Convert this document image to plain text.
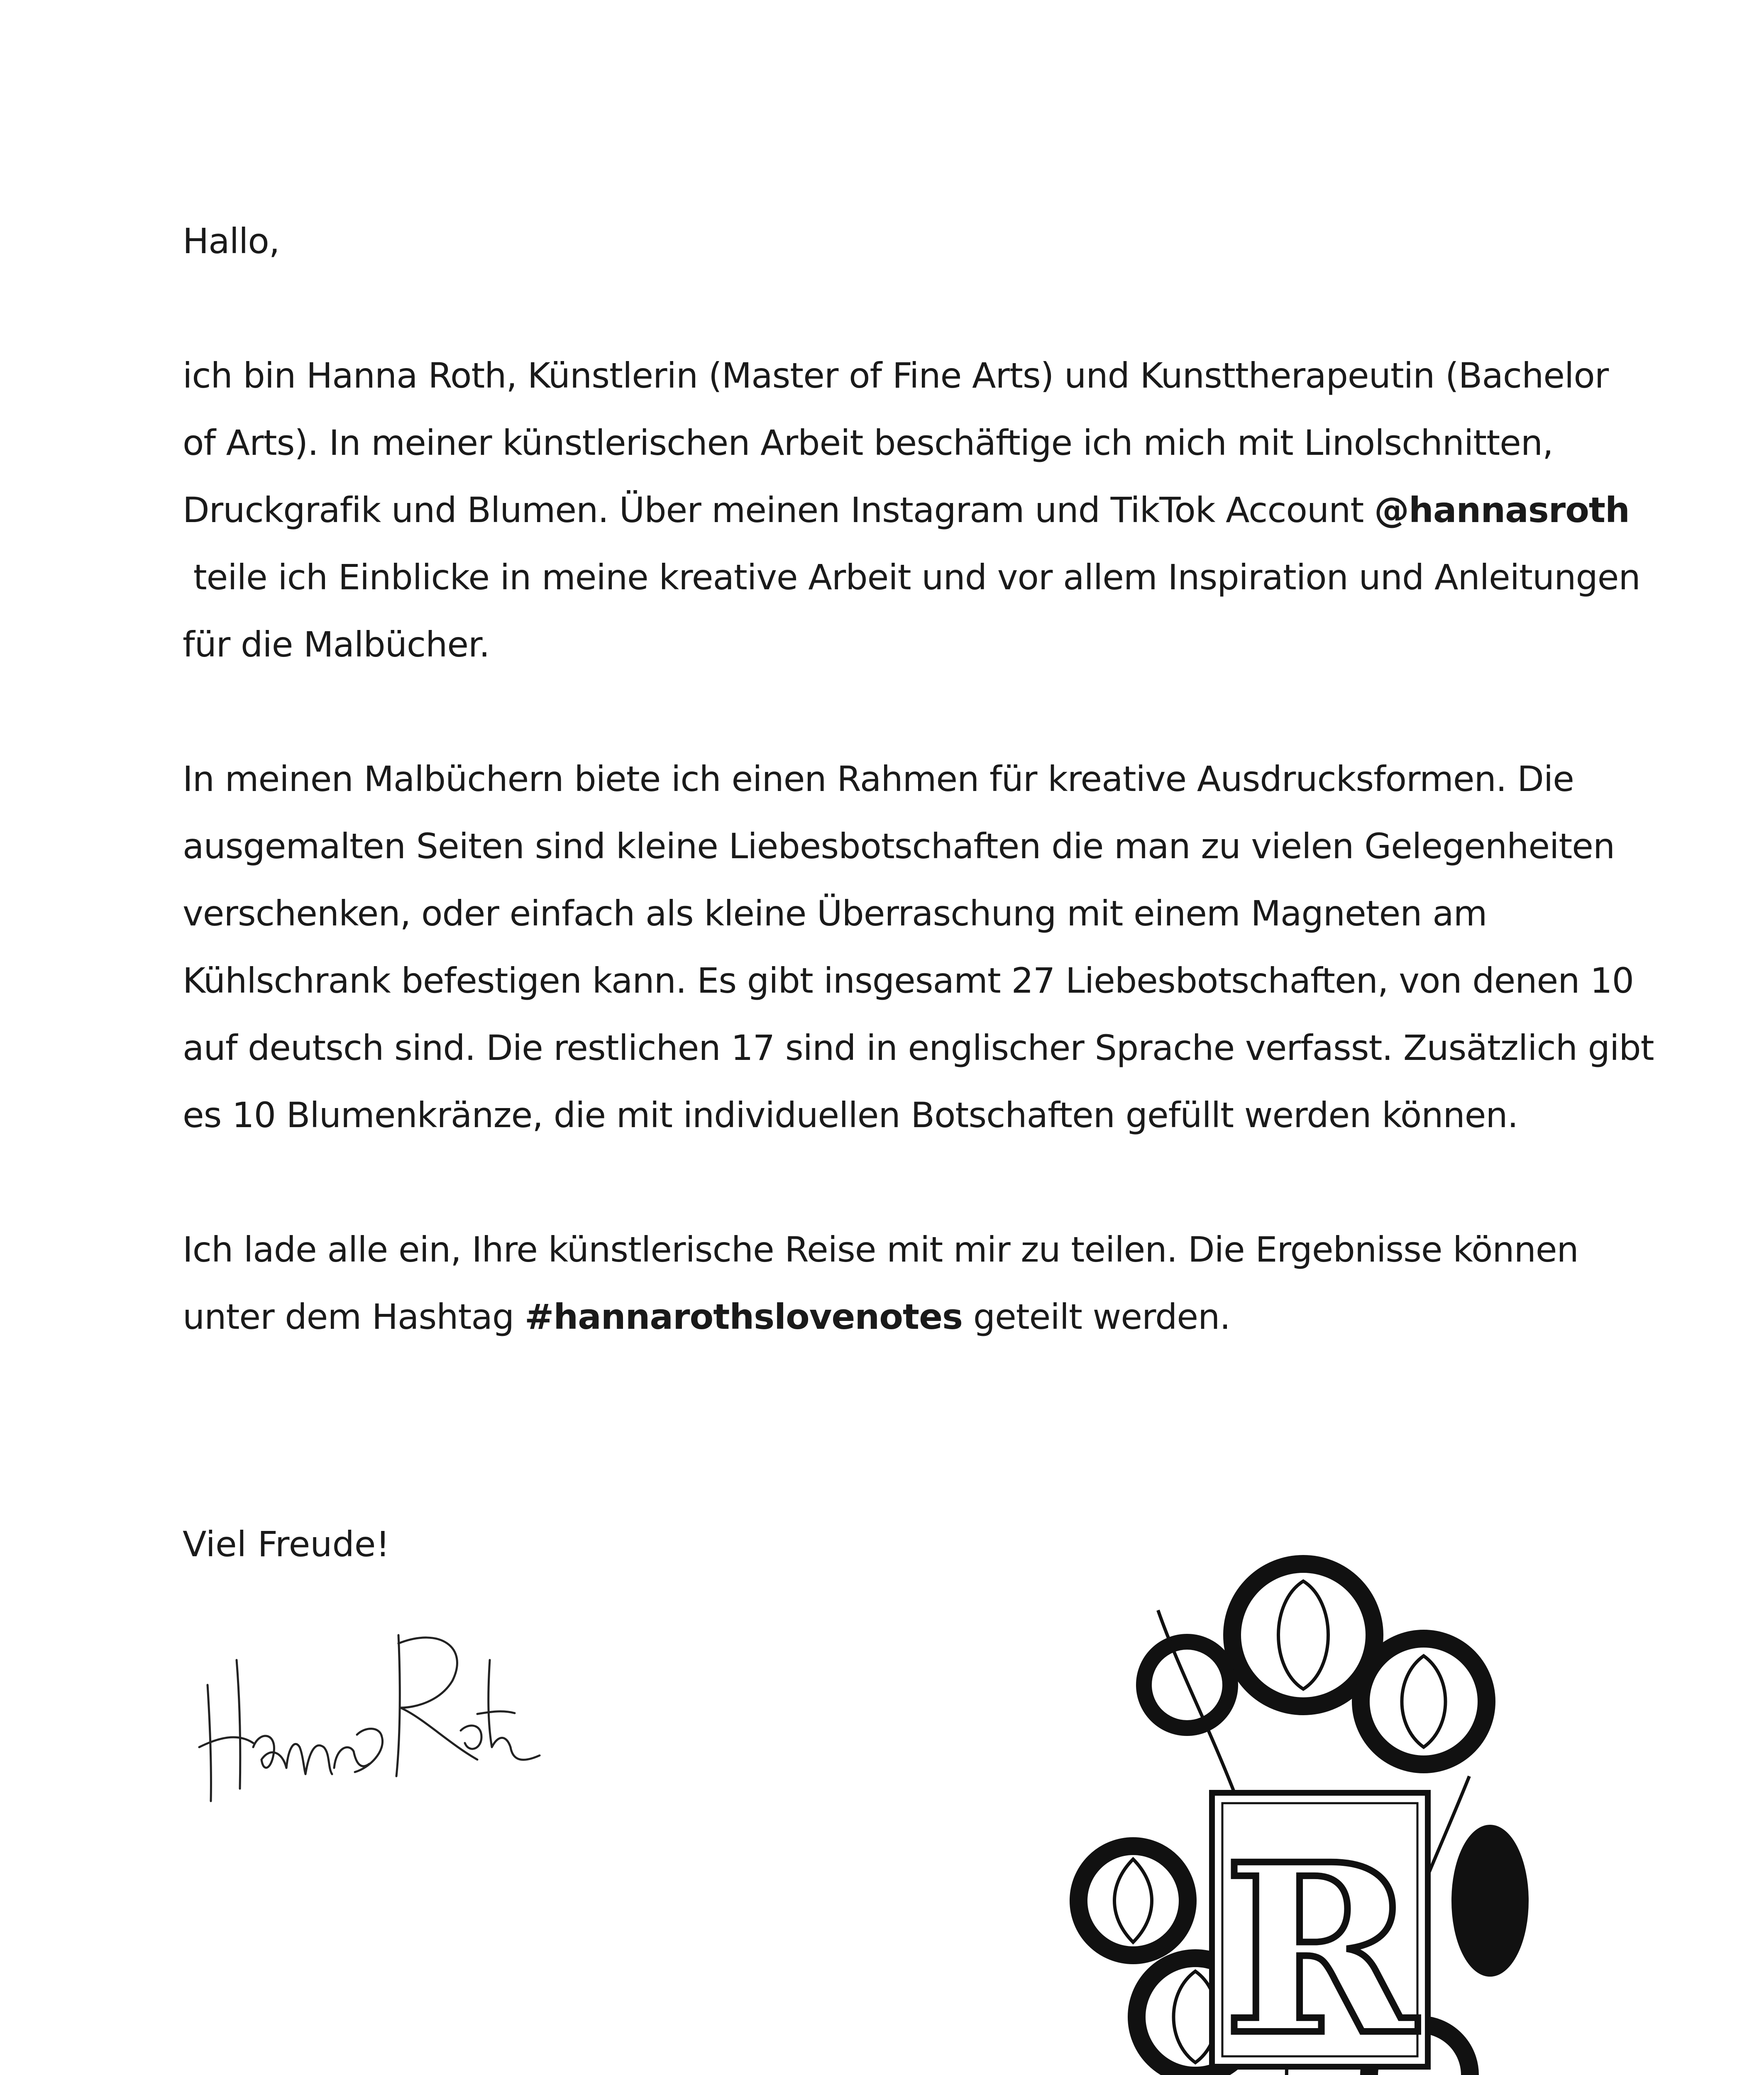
Hallo,
ich bin Hanna Roth, Künstlerin (Master of Fine Arts) und Kunsttherapeutin (Bachelor
of Arts). In meiner künstlerischen Arbeit beschäftige ich mich mit Linolschnitten,
Druckgrafik und Blumen. Über meinen Instagram und TikTok Account @hannasroth
teile ich Einblicke in meine kreative Arbeit und vor allem Inspiration und Anleitungen
für die Malbücher.
In meinen Malbüchern biete ich einen Rahmen für kreative Ausdrucksformen. Die
ausgemalten Seiten sind kleine Liebesbotschaften die man zu vielen Gelegenheiten
verschenken, oder einfach als kleine Überraschung mit einem Magneten am
Kühlschrank befestigen kann. Es gibt insgesamt 27 Liebesbotschaften, von denen 10
auf deutsch sind. Die restlichen 17 sind in englischer Sprache verfasst. Zusätzlich gibt
es 10 Blumenkränze, die mit individuellen Botschaften gefüllt werden können.
Ich lade alle ein, Ihre künstlerische Reise mit mir zu teilen. Die Ergebnisse können
unter dem Hashtag #hannarothslovenotes geteilt werden.
Viel Freude!
R
